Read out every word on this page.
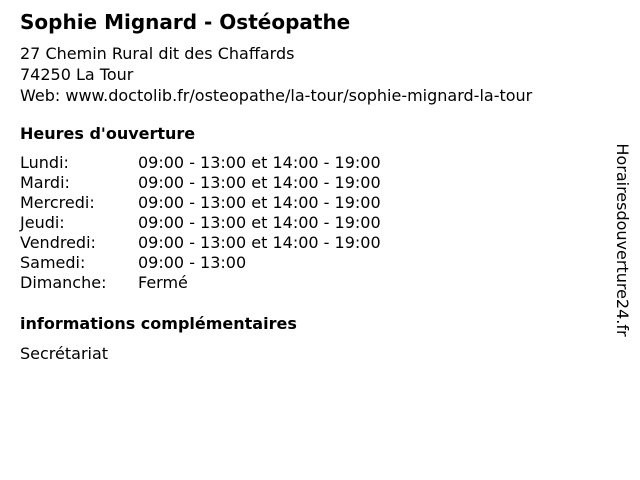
Sophie Mignard - Ostéopathe
27 Chemin Rural dit des Chaffards
74250 La Tour
Web: www.doctolib.fr/osteopathe/la-tour/sophie-mignard-la-tour
Heures d'ouverture
Lundi:	09:00 - 13:00 et 14:00 - 19:00
Mardi:	09:00 - 13:00 et 14:00 - 19:00
Mercredi:	09:00 - 13:00 et 14:00 - 19:00
Jeudi:	09:00 - 13:00 et 14:00 - 19:00
Vendredi:	09:00 - 13:00 et 14:00 - 19:00
Samedi:	09:00 - 13:00
Dimanche: Fermé
informations complémentaires
Secrétariat
Horairesdouverture24.fr
